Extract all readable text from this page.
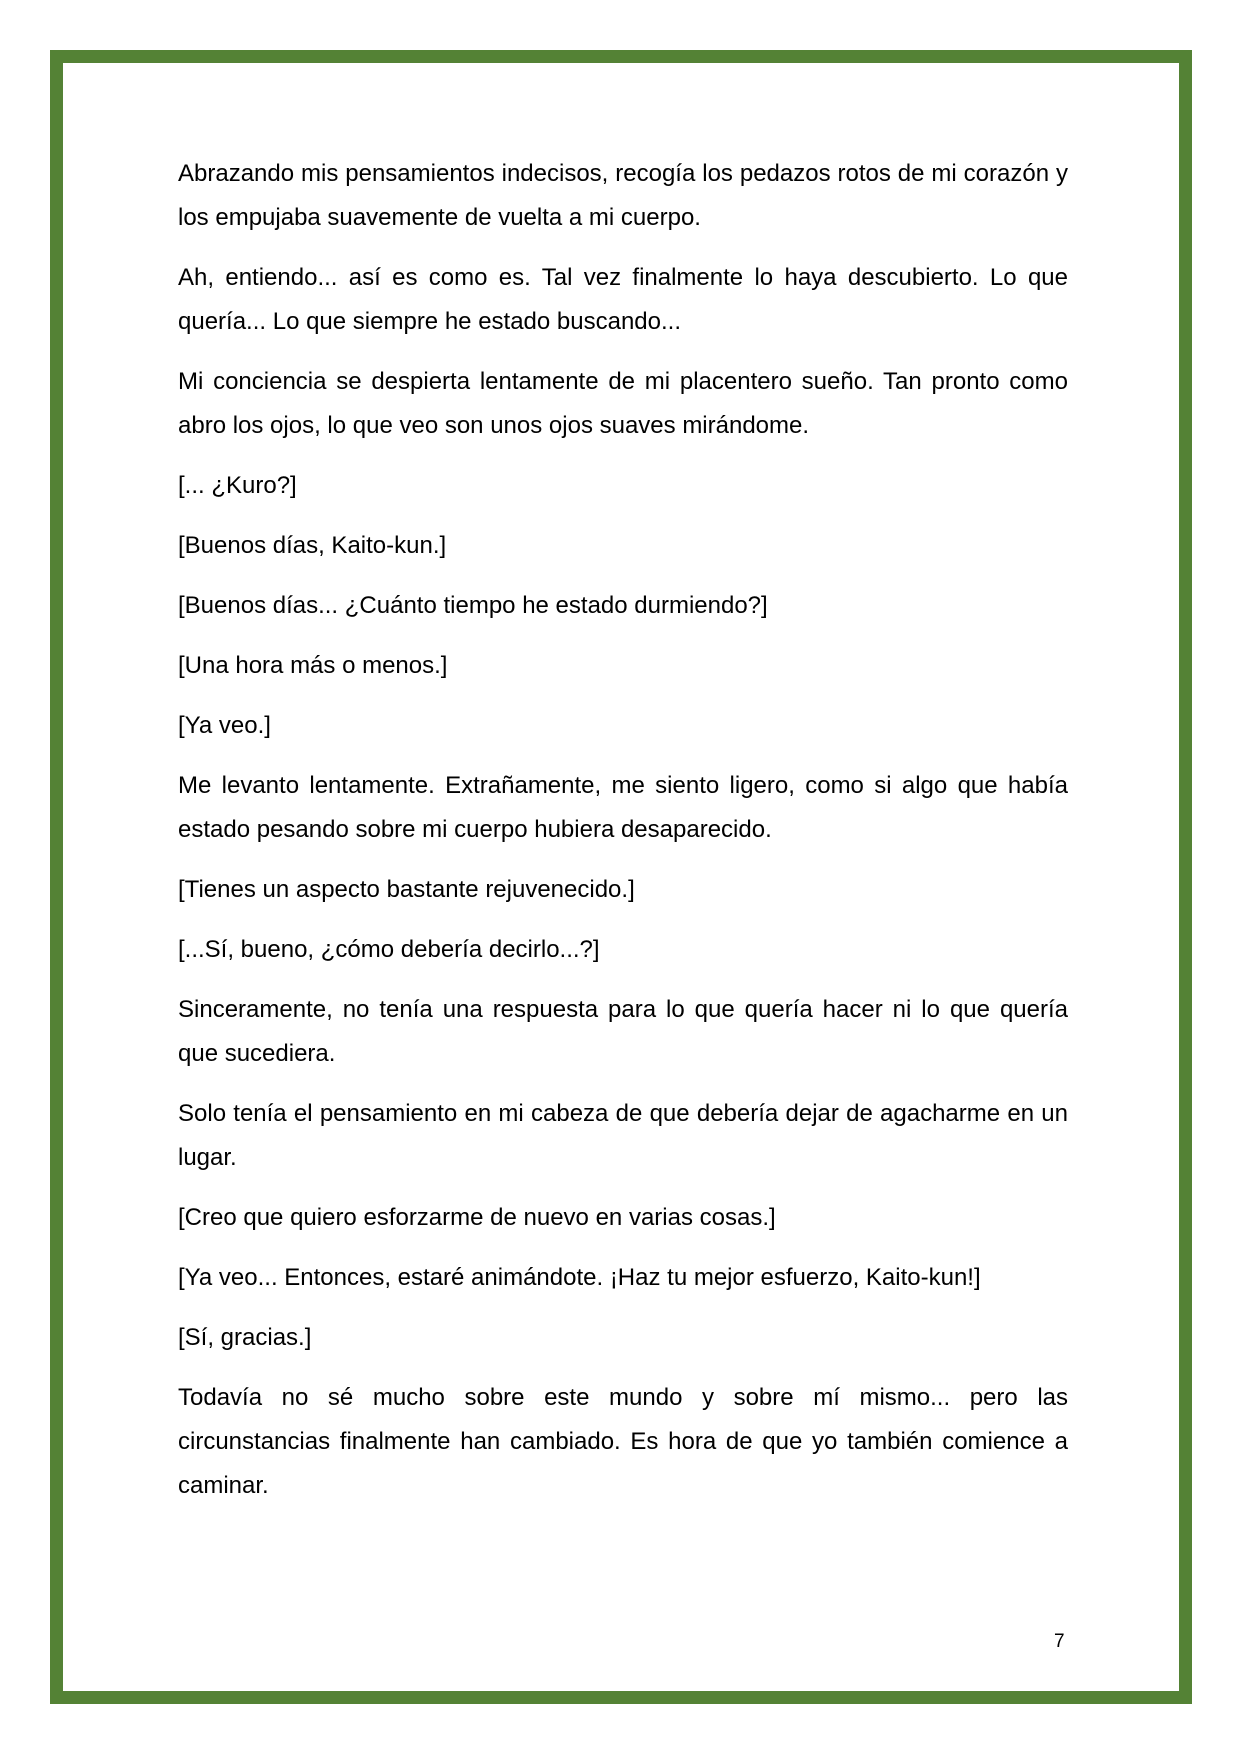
Abrazando mis pensamientos indecisos, recogía los pedazos rotos de mi corazón y los empujaba suavemente de vuelta a mi cuerpo.

Ah, entiendo... así es como es. Tal vez finalmente lo haya descubierto. Lo que quería... Lo que siempre he estado buscando...

Mi conciencia se despierta lentamente de mi placentero sueño. Tan pronto como abro los ojos, lo que veo son unos ojos suaves mirándome.

[... ¿Kuro?]

[Buenos días, Kaito-kun.]

[Buenos días... ¿Cuánto tiempo he estado durmiendo?]

[Una hora más o menos.]

[Ya veo.]

Me levanto lentamente. Extrañamente, me siento ligero, como si algo que había estado pesando sobre mi cuerpo hubiera desaparecido.

[Tienes un aspecto bastante rejuvenecido.]

[...Sí, bueno, ¿cómo debería decirlo...?]

Sinceramente, no tenía una respuesta para lo que quería hacer ni lo que quería que sucediera.

Solo tenía el pensamiento en mi cabeza de que debería dejar de agacharme en un lugar.

[Creo que quiero esforzarme de nuevo en varias cosas.]

[Ya veo... Entonces, estaré animándote. ¡Haz tu mejor esfuerzo, Kaito-kun!]

[Sí, gracias.]

Todavía no sé mucho sobre este mundo y sobre mí mismo... pero las circunstancias finalmente han cambiado. Es hora de que yo también comience a caminar.

7
